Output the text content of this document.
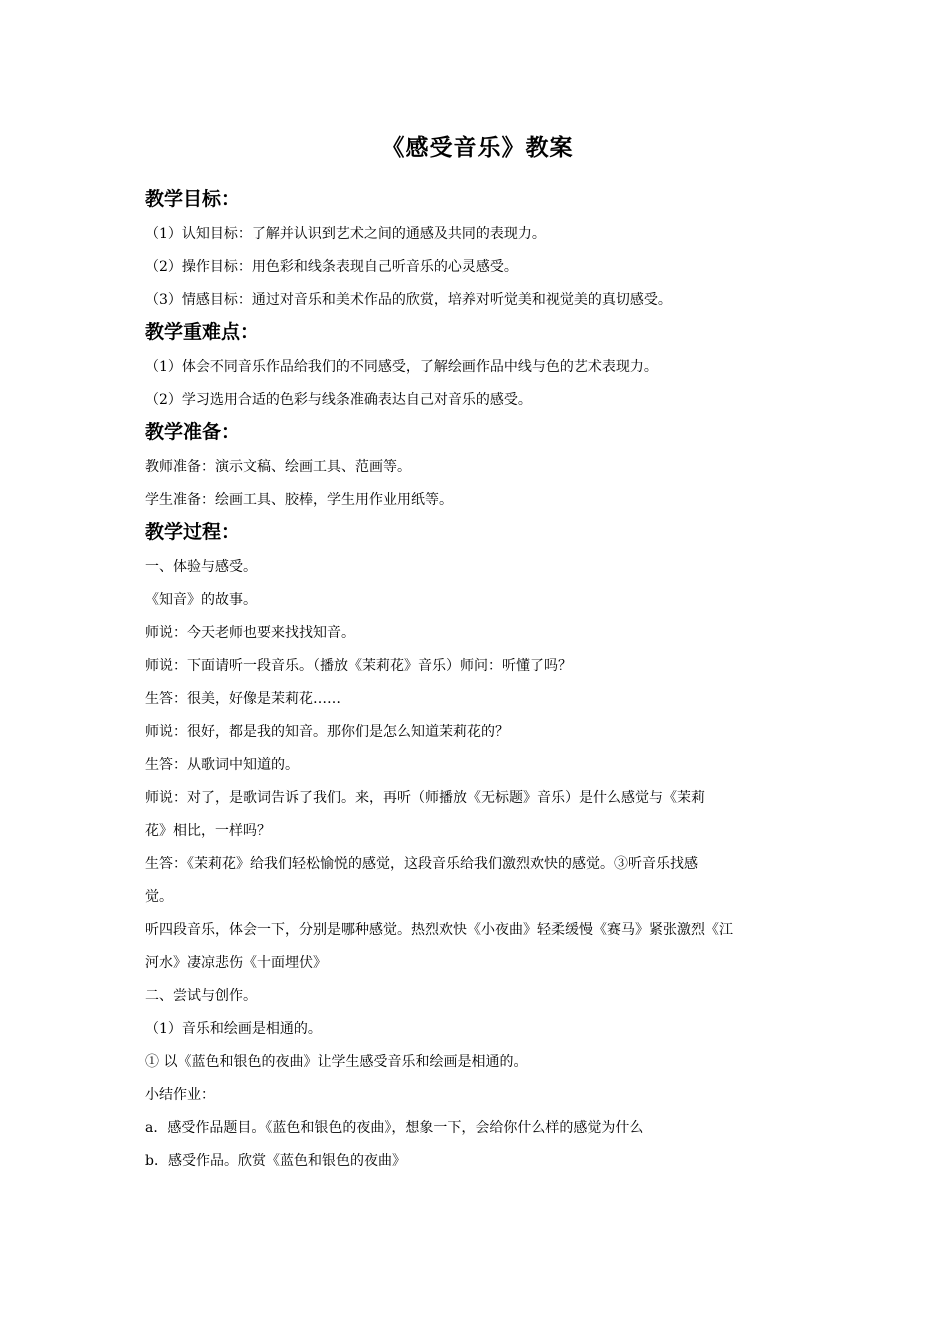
《感受音乐》教案
教学目标：
（1）认知目标：了解并认识到艺术之间的通感及共同的表现力。
（2）操作目标：用色彩和线条表现自己听音乐的心灵感受。
（3）情感目标：通过对音乐和美术作品的欣赏，培养对听觉美和视觉美的真切感受。
教学重难点：
（1）体会不同音乐作品给我们的不同感受，了解绘画作品中线与色的艺术表现力。
（2）学习选用合适的色彩与线条准确表达自己对音乐的感受。
教学准备：
教师准备：演示文稿、绘画工具、范画等。
学生准备：绘画工具、胶棒，学生用作业用纸等。
教学过程：
一、体验与感受。
《知音》的故事。
师说：今天老师也要来找找知音。
师说：下面请听一段音乐。（播放《茉莉花》音乐）师问：听懂了吗？
生答：很美，好像是茉莉花……
师说：很好，都是我的知音。那你们是怎么知道茉莉花的？
生答：从歌词中知道的。
师说：对了，是歌词告诉了我们。来，再听（师播放《无标题》音乐）是什么感觉与《茉莉
花》相比，一样吗？
生答：《茉莉花》给我们轻松愉悦的感觉，这段音乐给我们激烈欢快的感觉。③听音乐找感
觉。
听四段音乐，体会一下，分别是哪种感觉。热烈欢快《小夜曲》轻柔缓慢《赛马》紧张激烈《江
河水》凄凉悲伤《十面埋伏》
二、尝试与创作。
（1）音乐和绘画是相通的。
① 以《蓝色和银色的夜曲》让学生感受音乐和绘画是相通的。
小结作业：
a．感受作品题目。《蓝色和银色的夜曲》，想象一下，会给你什么样的感觉为什么
b．感受作品。欣赏《蓝色和银色的夜曲》
